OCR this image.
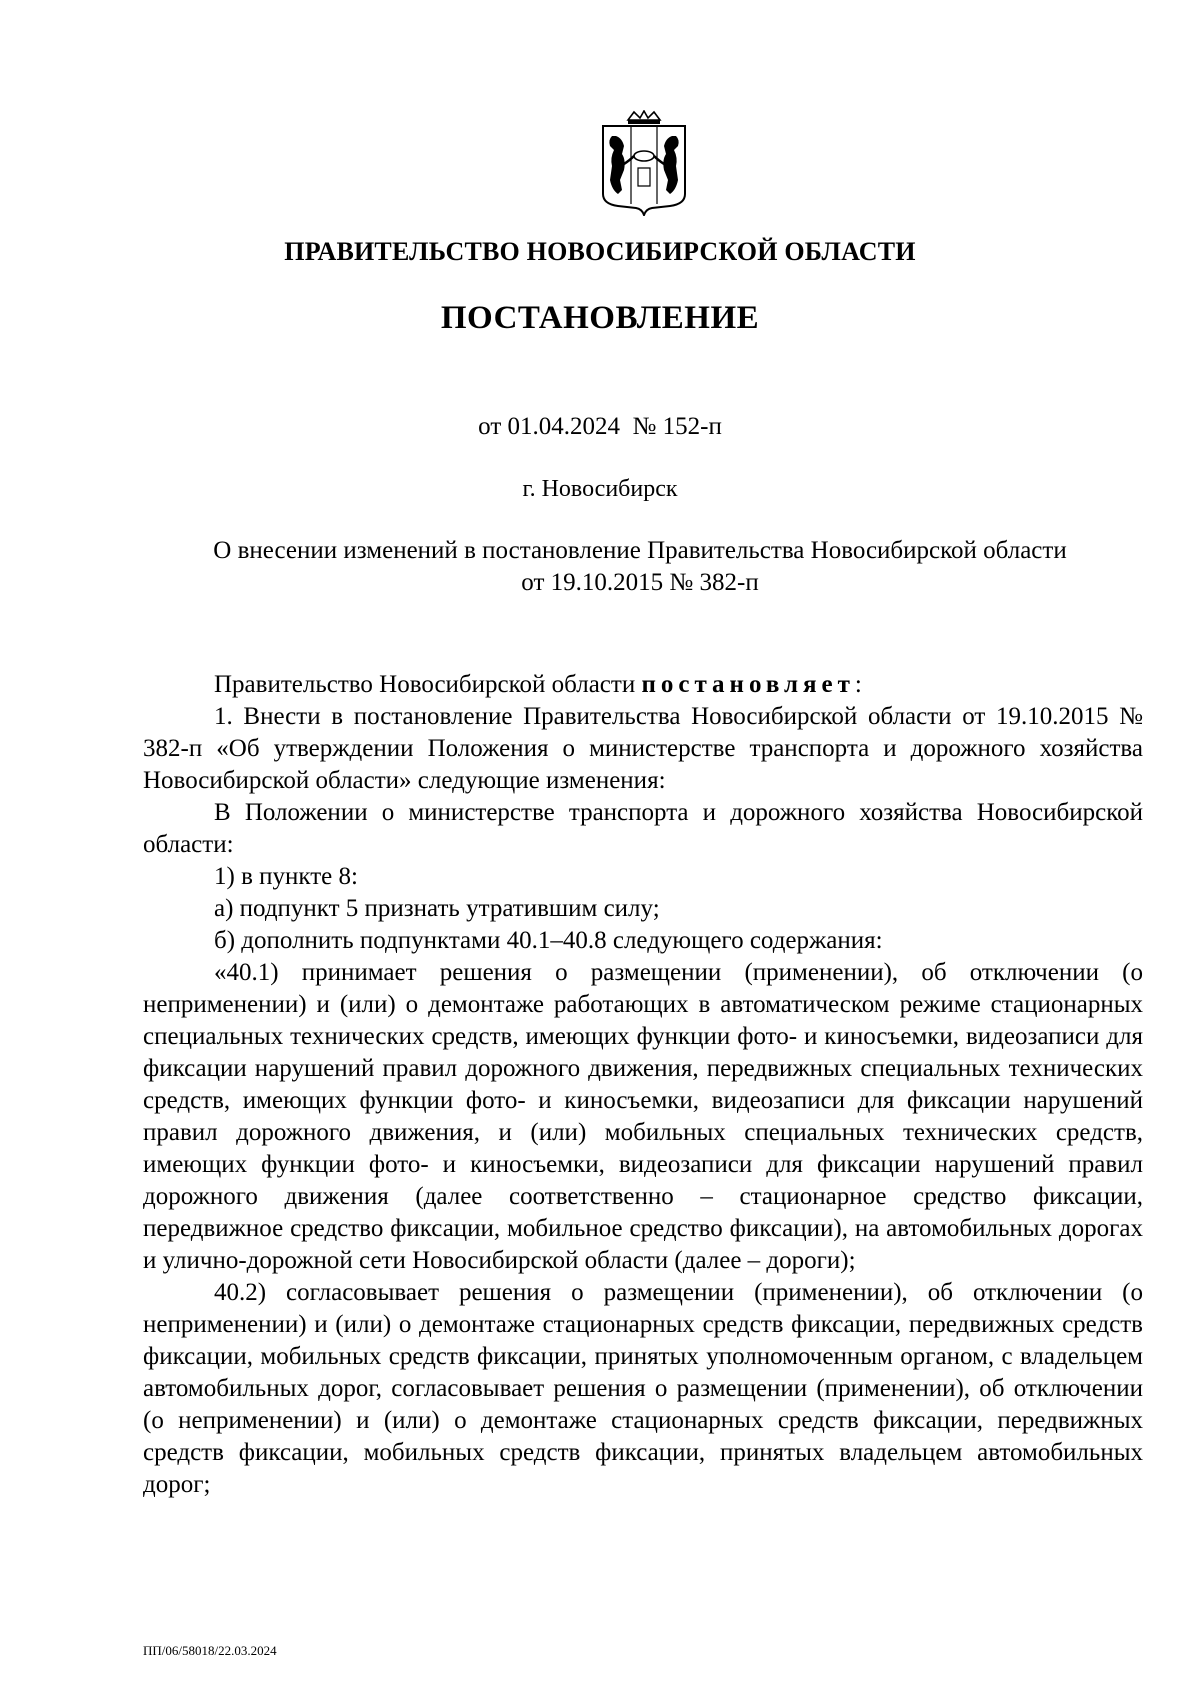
ПРАВИТЕЛЬСТВО НОВОСИБИРСКОЙ ОБЛАСТИ
ПОСТАНОВЛЕНИЕ
от 01.04.2024  № 152-п
г. Новосибирск
О внесении изменений в постановление Правительства Новосибирской области
от 19.10.2015 № 382-п

Правительство Новосибирской области постановляет:

1. Внести в постановление Правительства Новосибирской области от 19.10.2015 № 382-п «Об утверждении Положения о министерстве транспорта и дорожного хозяйства Новосибирской области» следующие изменения:

В Положении о министерстве транспорта и дорожного хозяйства Новосибирской области:

1) в пункте 8:

а) подпункт 5 признать утратившим силу;

б) дополнить подпунктами 40.1–40.8 следующего содержания:

«40.1) принимает решения о размещении (применении), об отключении (о неприменении) и (или) о демонтаже работающих в автоматическом режиме стационарных специальных технических средств, имеющих функции фото- и киносъемки, видеозаписи для фиксации нарушений правил дорожного движения, передвижных специальных технических средств, имеющих функции фото- и киносъемки, видеозаписи для фиксации нарушений правил дорожного движения, и (или) мобильных специальных технических средств, имеющих функции фото- и киносъемки, видеозаписи для фиксации нарушений правил дорожного движения (далее соответственно – стационарное средство фиксации, передвижное средство фиксации, мобильное средство фиксации), на автомобильных дорогах и улично-дорожной сети Новосибирской области (далее – дороги);

40.2) согласовывает решения о размещении (применении), об отключении (о неприменении) и (или) о демонтаже стационарных средств фиксации, передвижных средств фиксации, мобильных средств фиксации, принятых уполномоченным органом, с владельцем автомобильных дорог, согласовывает решения о размещении (применении), об отключении (о неприменении) и (или) о демонтаже стационарных средств фиксации, передвижных средств фиксации, мобильных средств фиксации, принятых владельцем автомобильных дорог;

ПП/06/58018/22.03.2024
